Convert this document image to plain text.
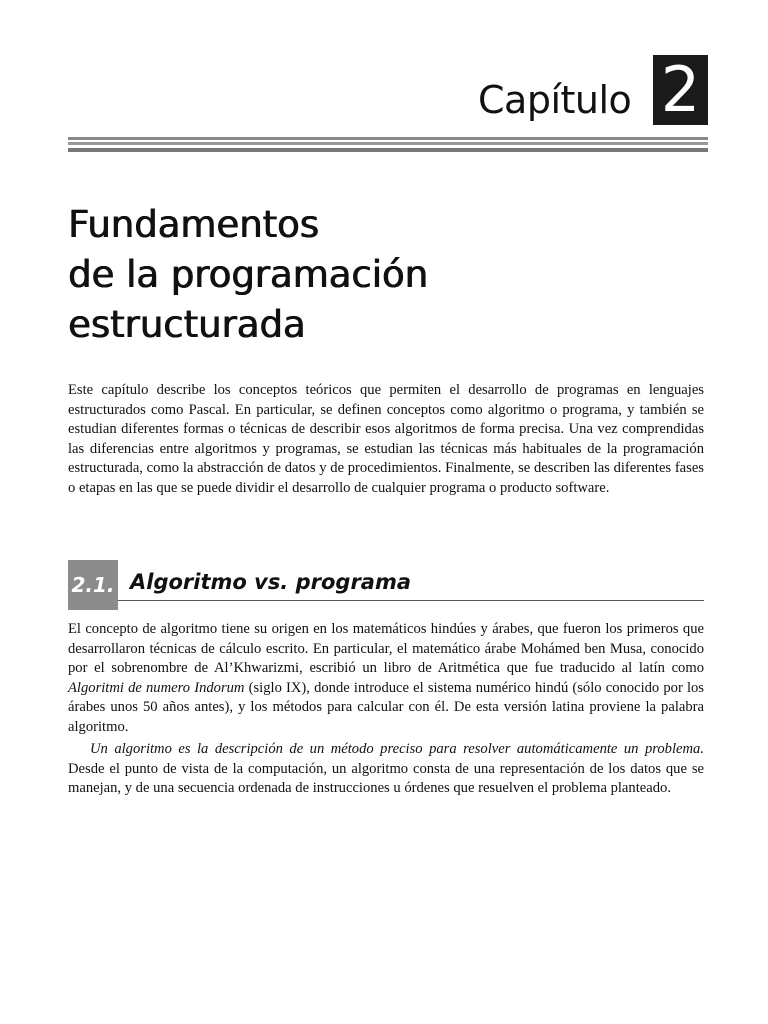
Capítulo 2
Fundamentos
de la programación
estructurada

Este capítulo describe los conceptos teóricos que permiten el desarrollo de programas en lenguajes estructurados como Pascal. En particular, se definen conceptos como algoritmo o programa, y también se estudian diferentes formas o técnicas de describir esos algoritmos de forma precisa. Una vez comprendidas las diferencias entre algoritmos y programas, se estudian las técnicas más habituales de la programación estructurada, como la abstracción de datos y de procedimientos. Finalmente, se describen las diferentes fases o etapas en las que se puede dividir el desarrollo de cualquier programa o producto software.

2.1. Algoritmo vs. programa

El concepto de algoritmo tiene su origen en los matemáticos hindúes y árabes, que fueron los primeros que desarrollaron técnicas de cálculo escrito. En particular, el matemático árabe Mohámed ben Musa, conocido por el sobrenombre de Al’Khwarizmi, escribió un libro de Aritmética que fue traducido al latín como Algoritmi de numero Indorum (siglo IX), donde introduce el sistema numérico hindú (sólo conocido por los árabes unos 50 años antes), y los métodos para calcular con él. De esta versión latina proviene la palabra algoritmo.

Un algoritmo es la descripción de un método preciso para resolver automáticamente un problema. Desde el punto de vista de la computación, un algoritmo consta de una representación de los datos que se manejan, y de una secuencia ordenada de instrucciones u órdenes que resuelven el problema planteado.
